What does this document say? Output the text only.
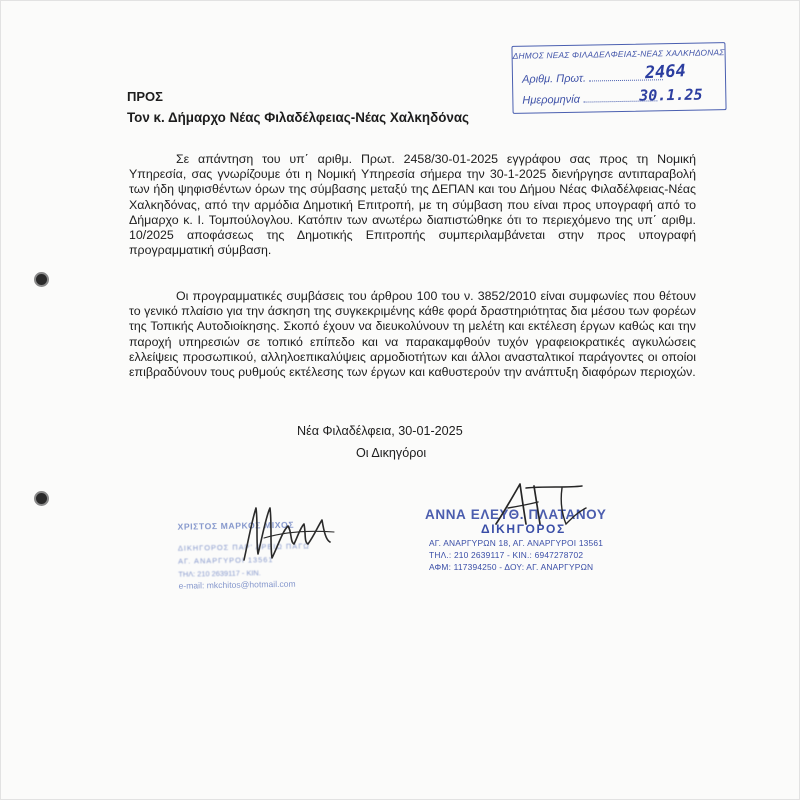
ΔΗΜΟΣ ΝΕΑΣ ΦΙΛΑΔΕΛΦΕΙΑΣ-ΝΕΑΣ ΧΑΛΚΗΔΟΝΑΣ
Αριθμ. Πρωτ.
Ημερομηνία
2464
30.1.25
ΠΡΟΣ
Τον κ. Δήμαρχο Νέας Φιλαδέλφειας-Νέας Χαλκηδόνας

Σε απάντηση του υπ΄ αριθμ. Πρωτ. 2458/30-01-2025 εγγράφου σας προς τη Νομική Υπηρεσία, σας γνωρίζουμε ότι η Νομική Υπηρεσία σήμερα την 30-1-2025 διενήργησε αντιπαραβολή των ήδη ψηφισθέντων όρων της σύμβασης μεταξύ της ΔΕΠΑΝ και του Δήμου Νέας Φιλαδέλφειας-Νέας Χαλκηδόνας, από την αρμόδια Δημοτική Επιτροπή, με τη σύμβαση που είναι προς υπογραφή από το Δήμαρχο κ. Ι. Τομπούλογλου. Κατόπιν των ανωτέρω διαπιστώθηκε ότι το περιεχόμενο της υπ΄ αριθμ. 10/2025 αποφάσεως της Δημοτικής Επιτροπής συμπεριλαμβάνεται στην προς υπογραφή προγραμματική σύμβαση.

Οι προγραμματικές συμβάσεις του άρθρου 100 του ν. 3852/2010 είναι συμφωνίες που θέτουν το γενικό πλαίσιο για την άσκηση της συγκεκριμένης κάθε φορά δραστηριότητας δια μέσου των φορέων της Τοπικής Αυτοδιοίκησης. Σκοπό έχουν να διευκολύνουν τη μελέτη και εκτέλεση έργων καθώς και την παροχή υπηρεσιών σε τοπικό επίπεδο και να παρακαμφθούν τυχόν γραφειοκρατικές αγκυλώσεις ελλείψεις προσωπικού, αλληλοεπικαλύψεις αρμοδιοτήτων και άλλοι ανασταλτικοί παράγοντες οι οποίοι επιβραδύνουν τους ρυθμούς εκτέλεσης των έργων και καθυστερούν την ανάπτυξη διαφόρων περιοχών.

Νέα Φιλαδέλφεια, 30-01-2025
Οι Δικηγόροι
ΧΡΙΣΤΟΣ ΜΑΡΚΟΣ ΜΙΧΟΣ
ΔΙΚΗΓΟΡΟΣ ΠΑΡ' ΑΡΕΙΩ ΠΑΓΩ
ΑΓ. ΑΝΑΡΓΥΡΟΙ 13561
ΤΗΛ: 210 2639117 - ΚΙΝ.
e-mail: mkchitos@hotmail.com
ΑΝΝΑ ΕΛΕΥΘ. ΠΛΑΤΑΝΟΥ
ΔΙΚΗΓΟΡΟΣ
ΑΓ. ΑΝΑΡΓΥΡΩΝ 18, ΑΓ. ΑΝΑΡΓΥΡΟΙ 13561
ΤΗΛ.: 210 2639117 - ΚΙΝ.: 6947278702
ΑΦΜ: 117394250 - ΔΟΥ: ΑΓ. ΑΝΑΡΓΥΡΩΝ
